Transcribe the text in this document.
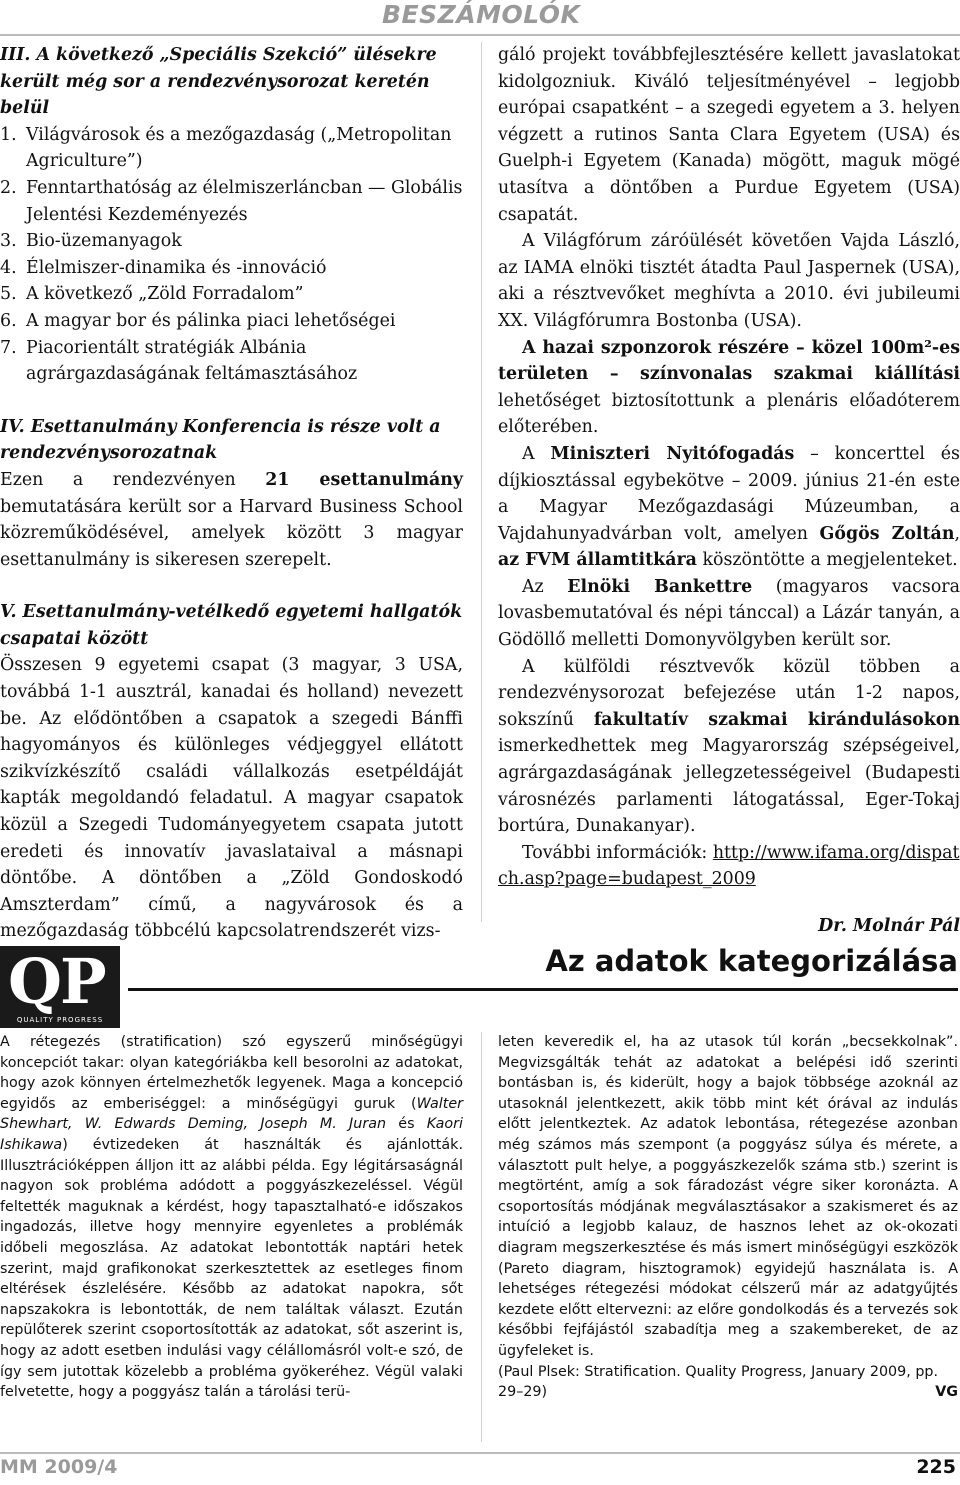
BESZÁMOLÓK

III. A következő „Speciális Szekció” ülésekre került még sor a rendezvénysorozat keretén belül

1. Világvárosok és a mezőgazdaság („Metropolitan Agriculture”)
2. Fenntarthatóság az élelmiszerláncban — Globális Jelentési Kezdeményezés
3. Bio-üzemanyagok
4. Élelmiszer-dinamika és -innováció
5. A következő „Zöld Forradalom”
6. A magyar bor és pálinka piaci lehetőségei
7. Piacorientált stratégiák Albánia agrárgazdaságának feltámasztásához

IV. Esettanulmány Konferencia is része volt a rendezvénysorozatnak

Ezen a rendezvényen 21 esettanulmány bemutatására került sor a Harvard Business School közreműködésével, amelyek között 3 magyar esettanulmány is sikeresen szerepelt.

V. Esettanulmány-vetélkedő egyetemi hallgatók csapatai között

Összesen 9 egyetemi csapat (3 magyar, 3 USA, továbbá 1-1 ausztrál, kanadai és holland) nevezett be. Az elődöntőben a csapatok a szegedi Bánffi hagyományos és különleges védjeggyel ellátott szikvízkészítő családi vállalkozás esetpéldáját kapták megoldandó feladatul. A magyar csapatok közül a Szegedi Tudományegyetem csapata jutott eredeti és innovatív javaslataival a másnapi döntőbe. A döntőben a „Zöld Gondoskodó Amszterdam” című, a nagyvárosok és a mezőgazdaság többcélú kapcsolatrendszerét vizs-

gáló projekt továbbfejlesztésére kellett javaslatokat kidolgozniuk. Kiváló teljesítményével – legjobb európai csapatként – a szegedi egyetem a 3. helyen végzett a rutinos Santa Clara Egyetem (USA) és Guelph-i Egyetem (Kanada) mögött, maguk mögé utasítva a döntőben a Purdue Egyetem (USA) csapatát.

A Világfórum záróülését követően Vajda László, az IAMA elnöki tisztét átadta Paul Jaspernek (USA), aki a résztvevőket meghívta a 2010. évi jubileumi XX. Világfórumra Bostonba (USA).

A hazai szponzorok részére – közel 100m²-es területen – színvonalas szakmai kiállítási lehetőséget biztosítottunk a plenáris előadóterem előterében.

A Miniszteri Nyitófogadás – koncerttel és díjkiosztással egybekötve – 2009. június 21-én este a Magyar Mezőgazdasági Múzeumban, a Vajdahunyadvárban volt, amelyen Gőgös Zoltán, az FVM államtitkára köszöntötte a megjelenteket.

Az Elnöki Bankettre (magyaros vacsora lovasbemutatóval és népi tánccal) a Lázár tanyán, a Gödöllő melletti Domonyvölgyben került sor.

A külföldi résztvevők közül többen a rendezvénysorozat befejezése után 1-2 napos, sokszínű fakultatív szakmai kirándulásokon ismerkedhettek meg Magyarország szépségeivel, agrárgazdaságának jellegzetességeivel (Budapesti városnézés parlamenti látogatással, Eger-Tokaj bortúra, Dunakanyar).

További információk: http://www.ifama.org/dispatch.asp?page=budapest_2009

Dr. Molnár Pál

QP
QUALITY PROGRESS
Az adatok kategorizálása

A rétegezés (stratification) szó egyszerű minőségügyi koncepciót takar: olyan kategóriákba kell besorolni az adatokat, hogy azok könnyen értelmezhetők legyenek. Maga a koncepció egyidős az emberiséggel: a minőségügyi guruk (Walter Shewhart, W. Edwards Deming, Joseph M. Juran és Kaori Ishikawa) évtizedeken át használták és ajánlották. Illusztrációképpen álljon itt az alábbi példa. Egy légitársaságnál nagyon sok probléma adódott a poggyászkezeléssel. Végül feltették maguknak a kérdést, hogy tapasztalható-e időszakos ingadozás, illetve hogy mennyire egyenletes a problémák időbeli megoszlása. Az adatokat lebontották naptári hetek szerint, majd grafikonokat szerkesztettek az esetleges finom eltérések észlelésére. Később az adatokat napokra, sőt napszakokra is lebontották, de nem találtak választ. Ezután repülőterek szerint csoportosították az adatokat, sőt aszerint is, hogy az adott esetben indulási vagy célállomásról volt-e szó, de így sem jutottak közelebb a probléma gyökeréhez. Végül valaki felvetette, hogy a poggyász talán a tárolási terü-

leten keveredik el, ha az utasok túl korán „becsekkolnak”. Megvizsgálták tehát az adatokat a belépési idő szerinti bontásban is, és kiderült, hogy a bajok többsége azoknál az utasoknál jelentkezett, akik több mint két órával az indulás előtt jelentkeztek. Az adatok lebontása, rétegezése azonban még számos más szempont (a poggyász súlya és mérete, a választott pult helye, a poggyászkezelők száma stb.) szerint is megtörtént, amíg a sok fáradozást végre siker koronázta. A csoportosítás módjának megválasztásakor a szakismeret és az intuíció a legjobb kalauz, de hasznos lehet az ok-okozati diagram megszerkesztése és más ismert minőségügyi eszközök (Pareto diagram, hisztogramok) egyidejű használata is. A lehetséges rétegezési módokat célszerű már az adatgyűjtés kezdete előtt eltervezni: az előre gondolkodás és a tervezés sok későbbi fejfájástól szabadítja meg a szakembereket, de az ügyfeleket is.

(Paul Plsek: Stratification. Quality Progress, January 2009, pp. 29–29)	VG

MM 2009/4	225
